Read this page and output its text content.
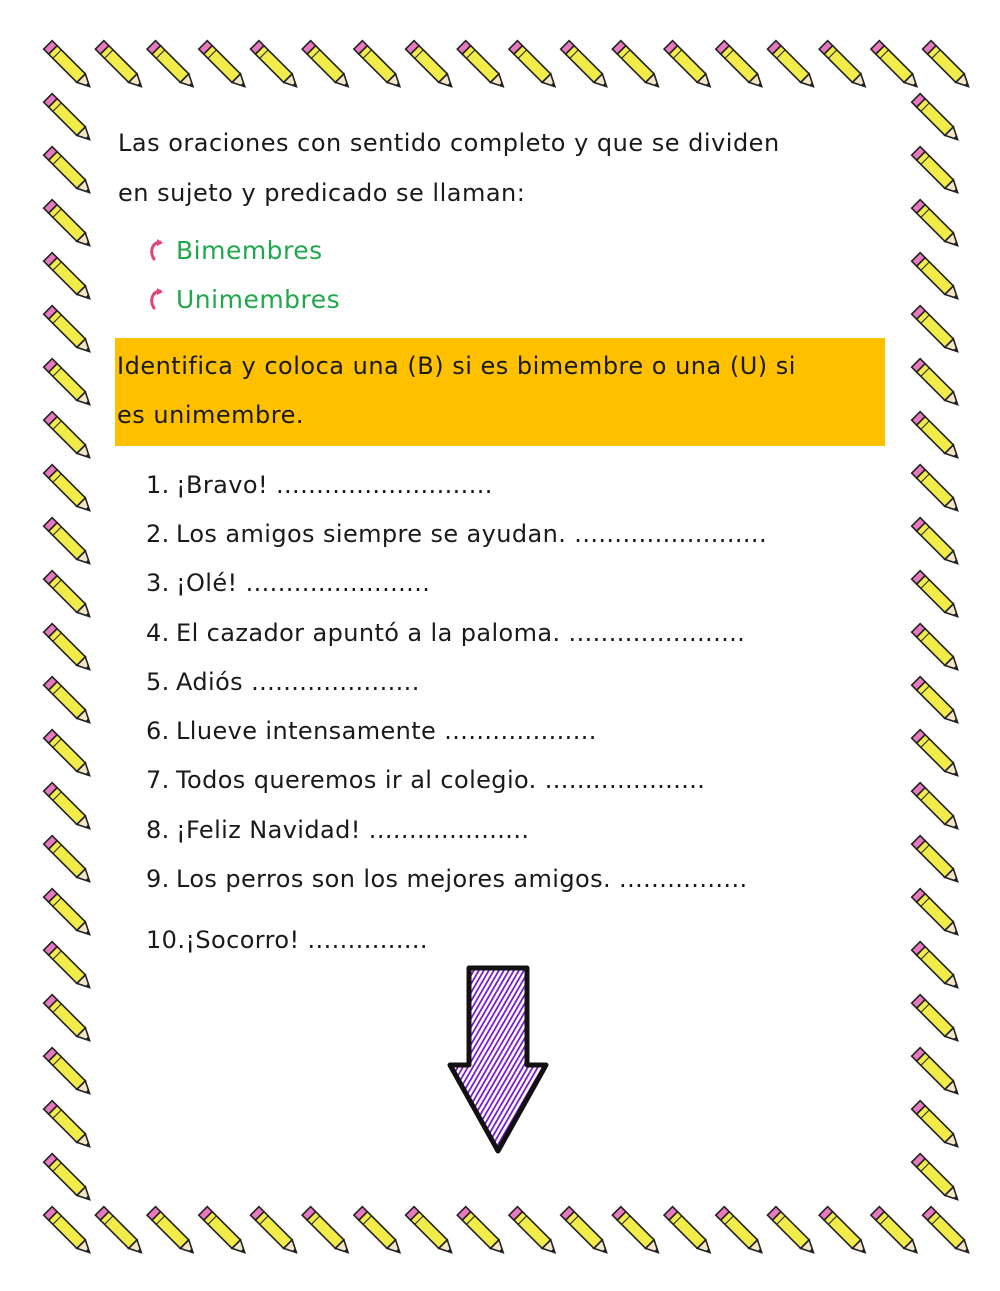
Las oraciones con sentido completo y que se dividen
en sujeto y predicado se llaman:

Bimembres
Unimembres
Identifica y coloca una (B) si es bimembre o una (U) si
es unimembre.
1. ¡Bravo! ...........................
2. Los amigos siempre se ayudan. ........................
3. ¡Olé! .......................
4. El cazador apuntó a la paloma. ......................
5. Adiós .....................
6. Llueve intensamente ...................
7. Todos queremos ir al colegio. ....................
8. ¡Feliz Navidad! ....................
9. Los perros son los mejores amigos. ................
10. ¡Socorro! ...............
